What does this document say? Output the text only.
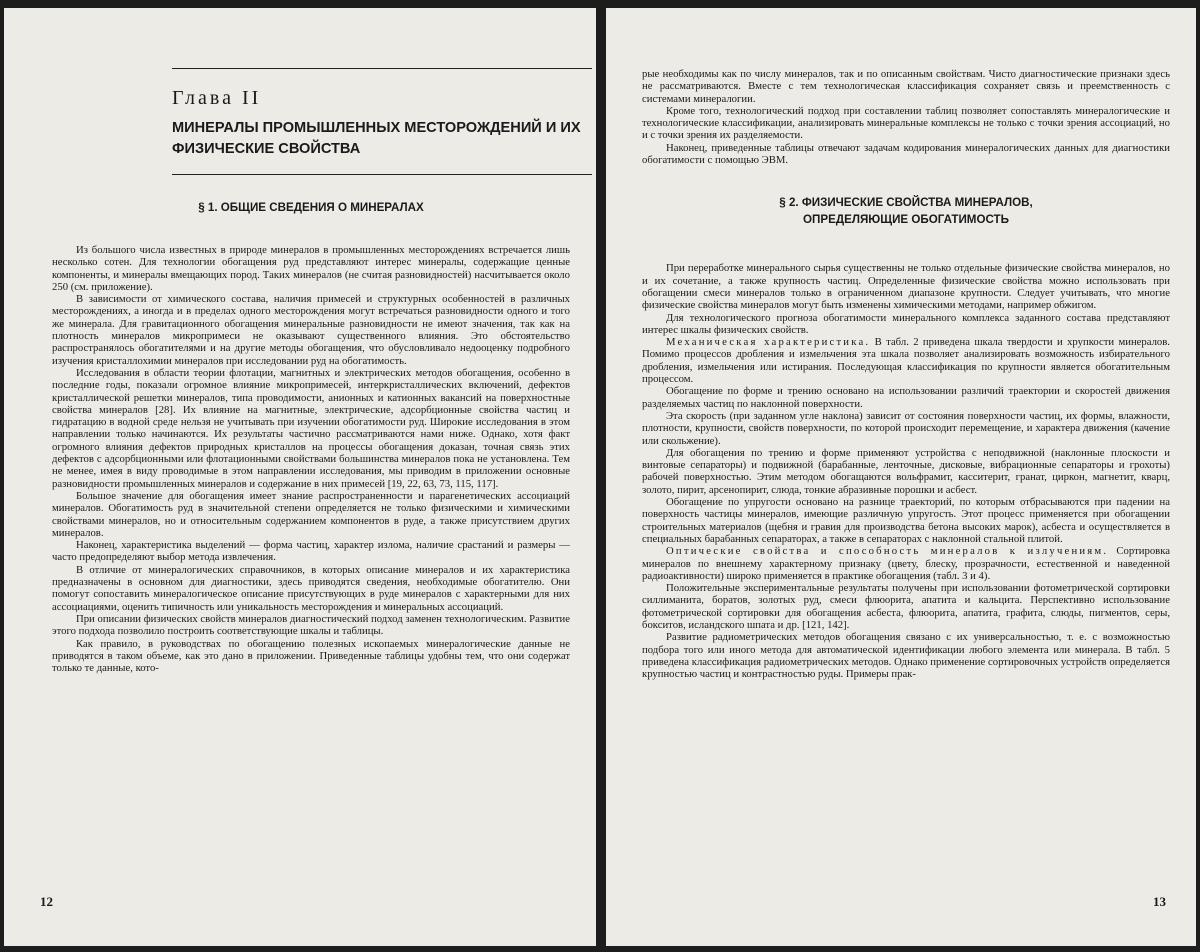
Глава II
МИНЕРАЛЫ ПРОМЫШЛЕННЫХ МЕСТОРОЖДЕНИЙ И ИХ ФИЗИЧЕСКИЕ СВОЙСТВА
§ 1. ОБЩИЕ СВЕДЕНИЯ О МИНЕРАЛАХ

Из большого числа известных в природе минералов в промышленных месторождениях встречается лишь несколько сотен. Для технологии обогащения руд представляют интерес минералы, содержащие ценные компоненты, и минералы вмещающих пород. Таких минералов (не считая разновидностей) насчитывается около 250 (см. приложение).

В зависимости от химического состава, наличия примесей и структурных особенностей в различных месторождениях, а иногда и в пределах одного месторождения могут встречаться разновидности одного и того же минерала. Для гравитационного обогащения минеральные разновидности не имеют значения, так как на плотность минералов микропримеси не оказывают существенного влияния. Это обстоятельство распространялось обогатителями и на другие методы обогащения, что обусловливало недооценку подробного изучения кристаллохимии минералов при исследовании руд на обогатимость.

Исследования в области теории флотации, магнитных и электрических методов обогащения, особенно в последние годы, показали огромное влияние микропримесей, интеркристаллических включений, дефектов кристаллической решетки минералов, типа проводимости, анионных и катионных вакансий на поверхностные свойства минералов [28]. Их влияние на магнитные, электрические, адсорбционные свойства частиц и гидратацию в водной среде нельзя не учитывать при изучении обогатимости руд. Широкие исследования в этом направлении только начинаются. Их результаты частично рассматриваются нами ниже. Однако, хотя факт огромного влияния дефектов природных кристаллов на процессы обогащения доказан, точная связь этих дефектов с адсорбционными или флотационными свойствами большинства минералов пока не установлена. Тем не менее, имея в виду проводимые в этом направлении исследования, мы приводим в приложении основные разновидности промышленных минералов и содержание в них примесей [19, 22, 63, 73, 115, 117].

Большое значение для обогащения имеет знание распространенности и парагенетических ассоциаций минералов. Обогатимость руд в значительной степени определяется не только физическими и химическими свойствами минералов, но и относительным содержанием компонентов в руде, а также присутствием других минералов.

Наконец, характеристика выделений — форма частиц, характер излома, наличие срастаний и размеры — часто предопределяют выбор метода извлечения.

В отличие от минералогических справочников, в которых описание минералов и их характеристика предназначены в основном для диагностики, здесь приводятся сведения, необходимые обогатителю. Они помогут сопоставить минералогическое описание присутствующих в руде минералов с характерными для них ассоциациями, оценить типичность или уникальность месторождения и минеральных ассоциаций.

При описании физических свойств минералов диагностический подход заменен технологическим. Развитие этого подхода позволило построить соответствующие шкалы и таблицы.

Как правило, в руководствах по обогащению полезных ископаемых минералогические данные не приводятся в таком объеме, как это дано в приложении. Приведенные таблицы удобны тем, что они содержат только те данные, кото-

12

рые необходимы как по числу минералов, так и по описанным свойствам. Чисто диагностические признаки здесь не рассматриваются. Вместе с тем технологическая классификация сохраняет связь и преемственность с системами минералогии.

Кроме того, технологический подход при составлении таблиц позволяет сопоставлять минералогические и технологические классификации, анализировать минеральные комплексы не только с точки зрения ассоциаций, но и с точки зрения их разделяемости.

Наконец, приведенные таблицы отвечают задачам кодирования минералогических данных для диагностики обогатимости с помощью ЭВМ.

§ 2. ФИЗИЧЕСКИЕ СВОЙСТВА МИНЕРАЛОВ,
ОПРЕДЕЛЯЮЩИЕ ОБОГАТИМОСТЬ

При переработке минерального сырья существенны не только отдельные физические свойства минералов, но и их сочетание, а также крупность частиц. Определенные физические свойства можно использовать при обогащении смеси минералов только в ограниченном диапазоне крупности. Следует учитывать, что многие физические свойства минералов могут быть изменены химическими методами, например обжигом.

Для технологического прогноза обогатимости минерального комплекса заданного состава представляют интерес шкалы физических свойств.

Механическая характеристика. В табл. 2 приведена шкала твердости и хрупкости минералов. Помимо процессов дробления и измельчения эта шкала позволяет анализировать возможность избирательного дробления, измельчения или истирания. Последующая классификация по крупности является обогатительным процессом.

Обогащение по форме и трению основано на использовании различий траектории и скоростей движения разделяемых частиц по наклонной поверхности.

Эта скорость (при заданном угле наклона) зависит от состояния поверхности частиц, их формы, влажности, плотности, крупности, свойств поверхности, по которой происходит перемещение, и характера движения (качение или скольжение).

Для обогащения по трению и форме применяют устройства с неподвижной (наклонные плоскости и винтовые сепараторы) и подвижной (барабанные, ленточные, дисковые, вибрационные сепараторы и грохоты) рабочей поверхностью. Этим методом обогащаются вольфрамит, касситерит, гранат, циркон, магнетит, кварц, золото, пирит, арсенопирит, слюда, тонкие абразивные порошки и асбест.

Обогащение по упругости основано на разнице траекторий, по которым отбрасываются при падении на поверхность частицы минералов, имеющие различную упругость. Этот процесс применяется при обогащении строительных материалов (щебня и гравия для производства бетона высоких марок), асбеста и осуществляется в специальных барабанных сепараторах, а также в сепараторах с наклонной стальной плитой.

Оптические свойства и способность минералов к излучениям. Сортировка минералов по внешнему характерному признаку (цвету, блеску, прозрачности, естественной и наведенной радиоактивности) широко применяется в практике обогащения (табл. 3 и 4).

Положительные экспериментальные результаты получены при использовании фотометрической сортировки силлиманита, боратов, золотых руд, смеси флюорита, апатита и кальцита. Перспективно использование фотометрической сортировки для обогащения асбеста, флюорита, апатита, графита, слюды, пигментов, серы, бокситов, исландского шпата и др. [121, 142].

Развитие радиометрических методов обогащения связано с их универсальностью, т. е. с возможностью подбора того или иного метода для автоматической идентификации любого элемента или минерала. В табл. 5 приведена классификация радиометрических методов. Однако применение сортировочных устройств определяется крупностью частиц и контрастностью руды. Примеры прак-

13
